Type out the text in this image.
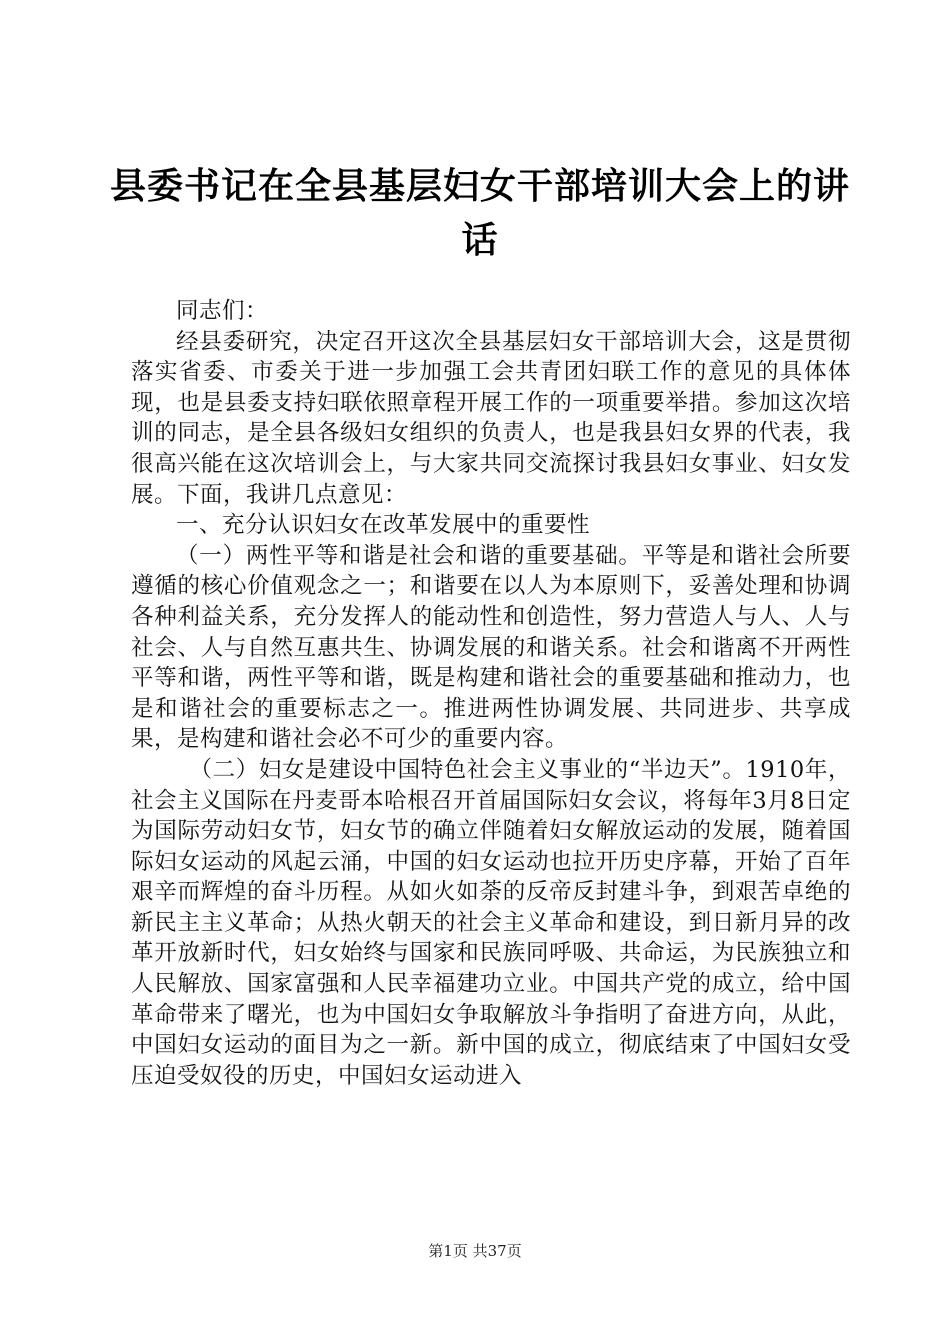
县委书记在全县基层妇女干部培训大会上的讲话

同志们：

经县委研究，决定召开这次全县基层妇女干部培训大会，这是贯彻落实省委、市委关于进一步加强工会共青团妇联工作的意见的具体体现，也是县委支持妇联依照章程开展工作的一项重要举措。参加这次培训的同志，是全县各级妇女组织的负责人，也是我县妇女界的代表，我很高兴能在这次培训会上，与大家共同交流探讨我县妇女事业、妇女发展。下面，我讲几点意见：

一、充分认识妇女在改革发展中的重要性

（一）两性平等和谐是社会和谐的重要基础。平等是和谐社会所要遵循的核心价值观念之一；和谐要在以人为本原则下，妥善处理和协调各种利益关系，充分发挥人的能动性和创造性，努力营造人与人、人与社会、人与自然互惠共生、协调发展的和谐关系。社会和谐离不开两性平等和谐，两性平等和谐，既是构建和谐社会的重要基础和推动力，也是和谐社会的重要标志之一。推进两性协调发展、共同进步、共享成果，是构建和谐社会必不可少的重要内容。

（二）妇女是建设中国特色社会主义事业的“半边天”。1910年，社会主义国际在丹麦哥本哈根召开首届国际妇女会议，将每年3月8日定为国际劳动妇女节，妇女节的确立伴随着妇女解放运动的发展，随着国际妇女运动的风起云涌，中国的妇女运动也拉开历史序幕，开始了百年艰辛而辉煌的奋斗历程。从如火如荼的反帝反封建斗争，到艰苦卓绝的新民主主义革命；从热火朝天的社会主义革命和建设，到日新月异的改革开放新时代，妇女始终与国家和民族同呼吸、共命运，为民族独立和人民解放、国家富强和人民幸福建功立业。中国共产党的成立，给中国革命带来了曙光，也为中国妇女争取解放斗争指明了奋进方向，从此，中国妇女运动的面目为之一新。新中国的成立，彻底结束了中国妇女受压迫受奴役的历史，中国妇女运动进入

第1页 共37页
